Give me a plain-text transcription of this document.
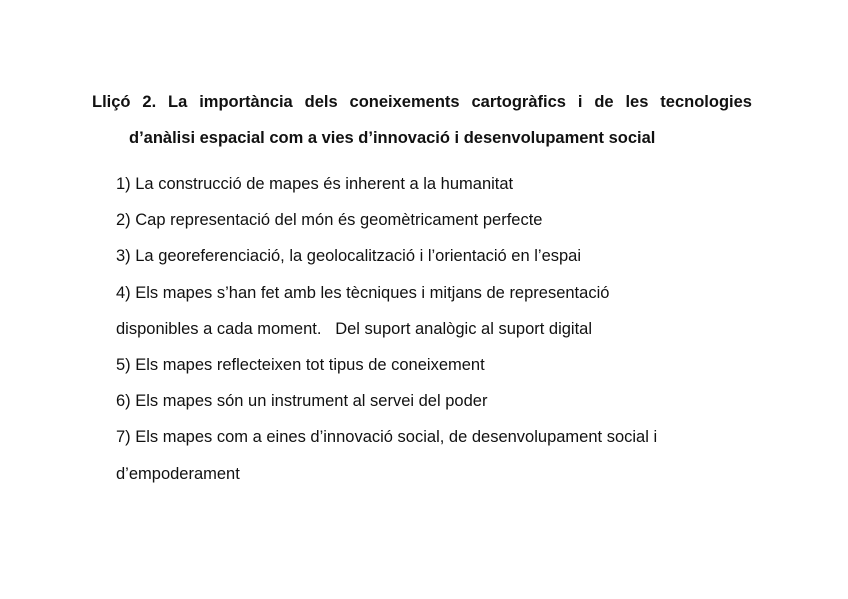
Lliçó 2. La importància dels coneixements cartogràfics i de les tecnologies
d’anàlisi espacial com a vies d’innovació i desenvolupament social
1) La construcció de mapes és inherent a la humanitat
2) Cap representació del món és geomètricament perfecte
3) La georeferenciació, la geolocalització i l’orientació en l’espai
4) Els mapes s’han fet amb les tècniques i mitjans de representació
disponibles a cada moment.   Del suport analògic al suport digital
5) Els mapes reflecteixen tot tipus de coneixement
6) Els mapes són un instrument al servei del poder
7) Els mapes com a eines d’innovació social, de desenvolupament social i
d’empoderament
